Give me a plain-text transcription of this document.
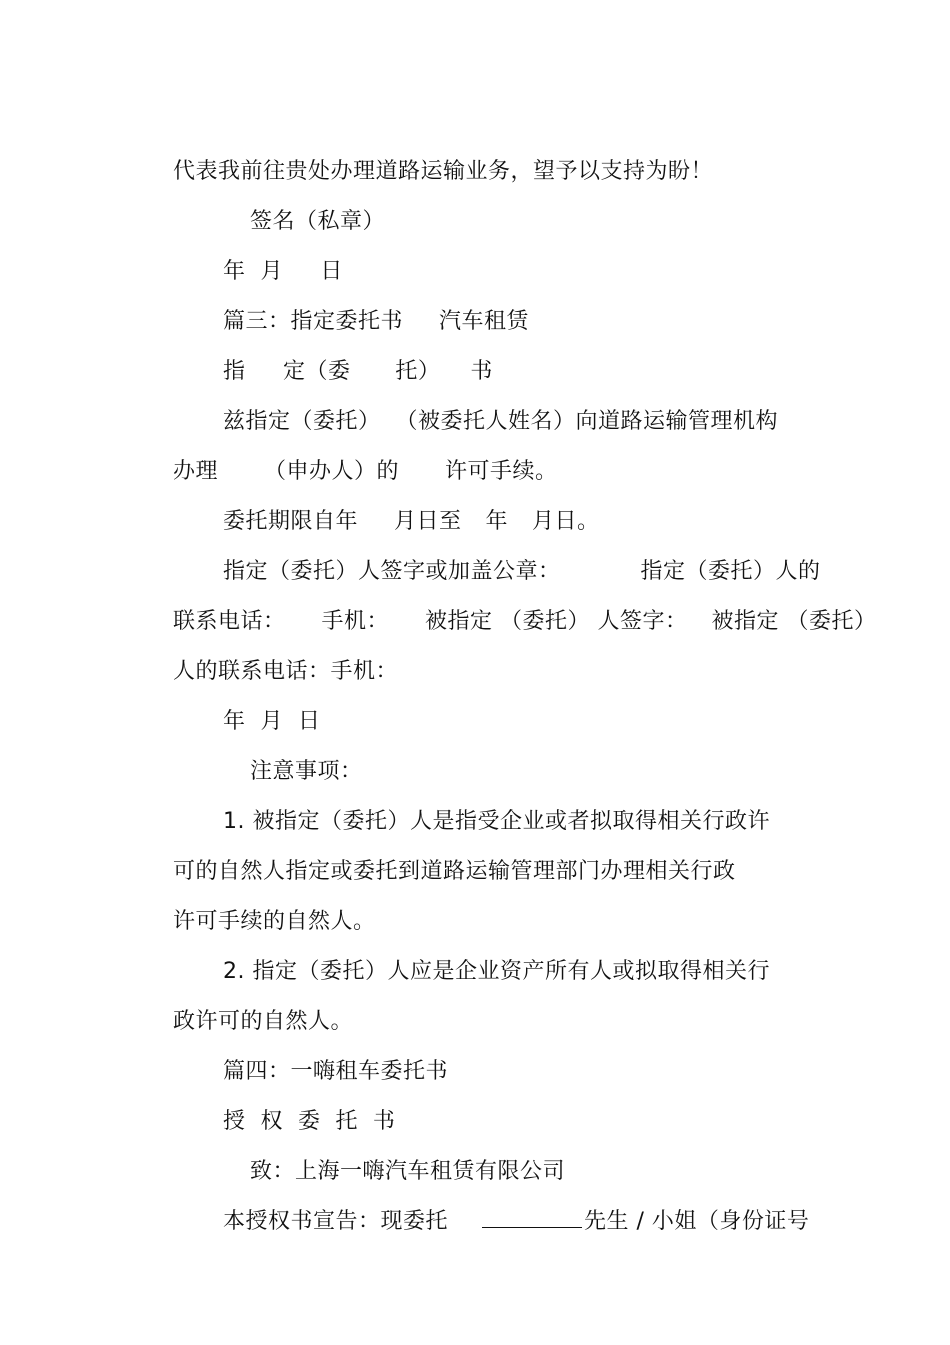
代表我前往贵处办理道路运输业务，望予以支持为盼！

签名（私章）

年  月     日

篇三：指定委托书 汽车租赁

指     定（委      托）    书

兹指定（委托）  （被委托人姓名）向道路运输管理机构

办理 （申办人）的 许可手续。

委托期限自年 月日至 年 月日。

指定（委托）人签字或加盖公章：	指定（委托）人的

联系电话： 手机： 被指定 （委托） 人签字： 被指定 （委托）

人的联系电话：手机：

年  月  日

注意事项：

1. 被指定（委托）人是指受企业或者拟取得相关行政许

可的自然人指定或委托到道路运输管理部门办理相关行政

许可手续的自然人。

2. 指定（委托）人应是企业资产所有人或拟取得相关行

政许可的自然人。

篇四：一嗨租车委托书

授  权  委  托  书

致：上海一嗨汽车租赁有限公司

本授权书宣告：现委托	先生 / 小姐（身份证号
